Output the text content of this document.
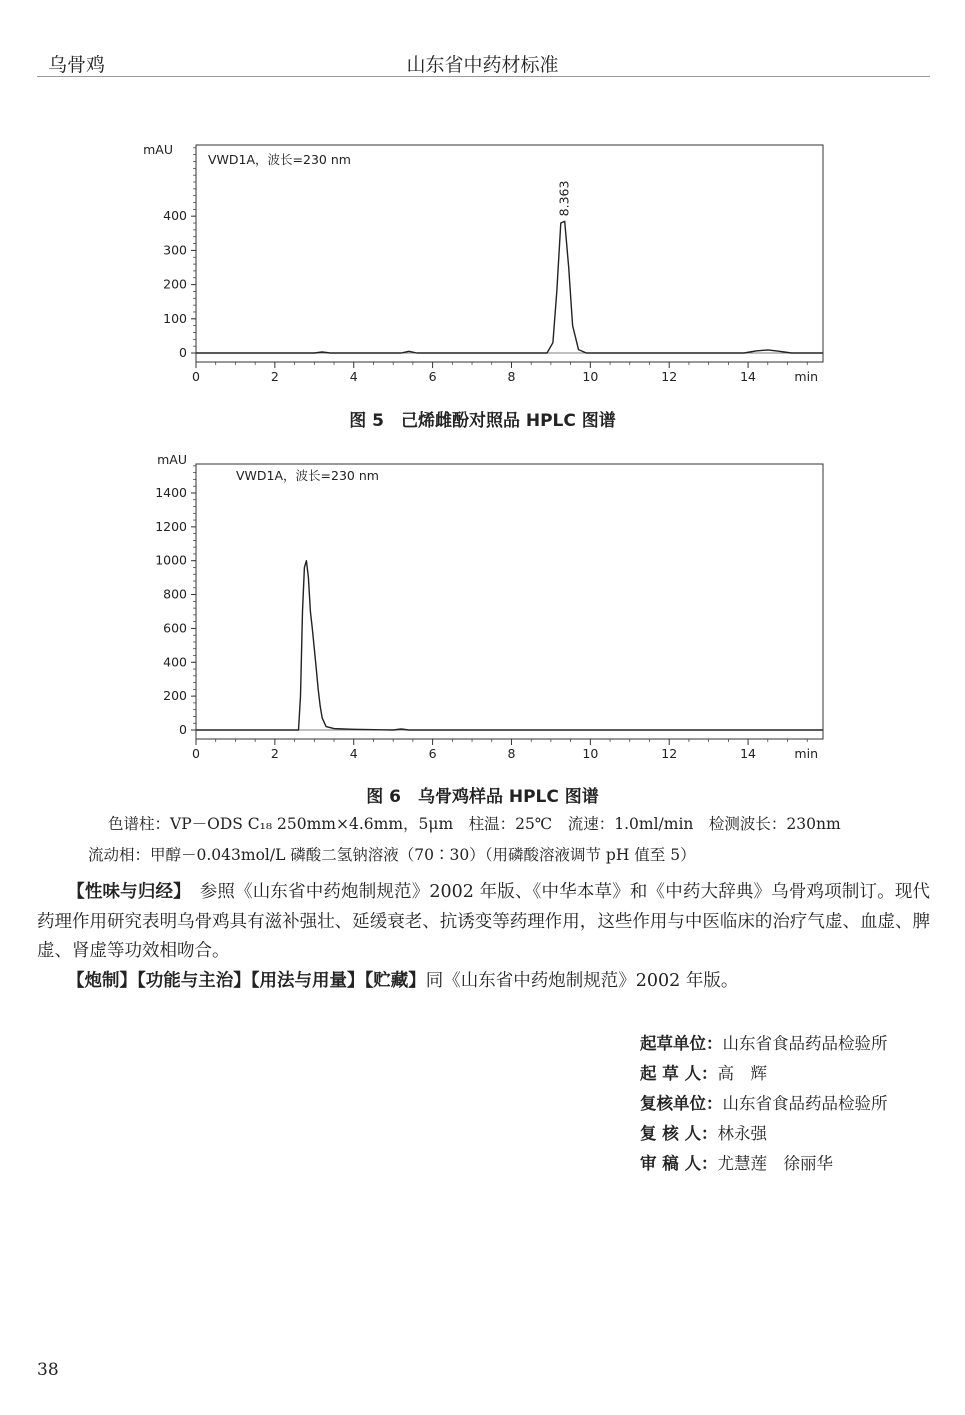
乌骨鸡	山东省中药材标准
0
100
200
300
400
0	2	4	6	8	10	12	14	min
mAU
VWD1A，波长=230 nm
8.363
图 5　己烯雌酚对照品 HPLC 图谱
0
200
400
600
800
1000
1200
1400
0	2	4	6	8	10	12	14	min
mAU
VWD1A，波长=230 nm
图 6　乌骨鸡样品 HPLC 图谱
色谱柱：VP－ODS C₁₈ 250mm×4.6mm，5μm　柱温：25℃　流速：1.0ml/min　检测波长：230nm
流动相：甲醇－0.043mol/L 磷酸二氢钠溶液（70∶30）（用磷酸溶液调节 pH 值至 5）
【性味与归经】　参照《山东省中药炮制规范》2002 年版、《中华本草》和《中药大辞典》乌骨鸡项制订。现代药理作用研究表明乌骨鸡具有滋补强壮、延缓衰老、抗诱变等药理作用，这些作用与中医临床的治疗气虚、血虚、脾虚、肾虚等功效相吻合。
【炮制】【功能与主治】【用法与用量】【贮藏】同《山东省中药炮制规范》2002 年版。
起草单位：山东省食品药品检验所
起 草 人：高　辉
复核单位：山东省食品药品检验所
复 核 人：林永强
审 稿 人：尤慧莲　徐丽华
38
